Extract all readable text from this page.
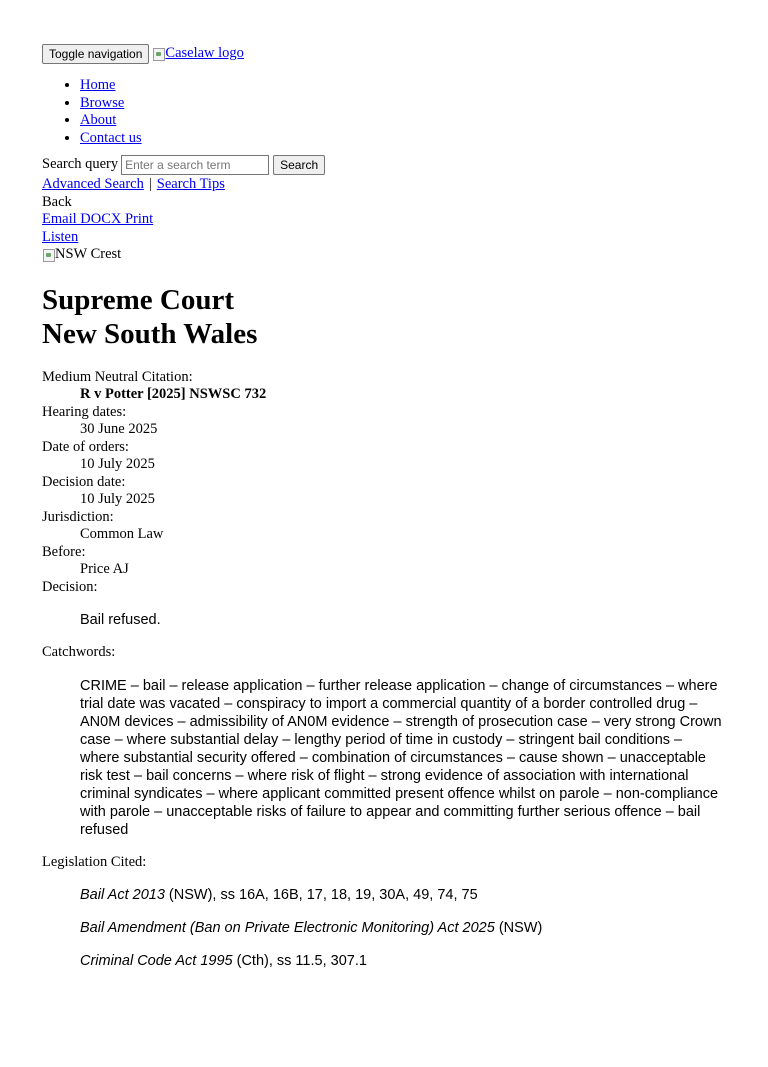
Toggle navigation	Caselaw logo
• Home
• Browse
• About
• Contact us
Search query
Enter a search term	Search
Advanced Search | Search Tips
Back
Email DOCX Print
Listen
NSW Crest
Supreme Court
New South Wales
Medium Neutral Citation:
R v Potter [2025] NSWSC 732
Hearing dates:
30 June 2025
Date of orders:
10 July 2025
Decision date:
10 July 2025
Jurisdiction:
Common Law
Before:
Price AJ
Decision:
Bail refused.
Catchwords:
CRIME – bail – release application – further release application – change of circumstances – where trial date was vacated – conspiracy to import a commercial quantity of a border controlled drug – AN0M devices – admissibility of AN0M evidence – strength of prosecution case – very strong Crown case – where substantial delay – lengthy period of time in custody – stringent bail conditions – where substantial security offered – combination of circumstances – cause shown – unacceptable risk test – bail concerns – where risk of flight – strong evidence of association with international criminal syndicates – where applicant committed present offence whilst on parole – non-compliance with parole – unacceptable risks of failure to appear and committing further serious offence – bail refused
Legislation Cited:

Bail Act 2013 (NSW), ss 16A, 16B, 17, 18, 19, 30A, 49, 74, 75

Bail Amendment (Ban on Private Electronic Monitoring) Act 2025 (NSW)

Criminal Code Act 1995 (Cth), ss 11.5, 307.1
